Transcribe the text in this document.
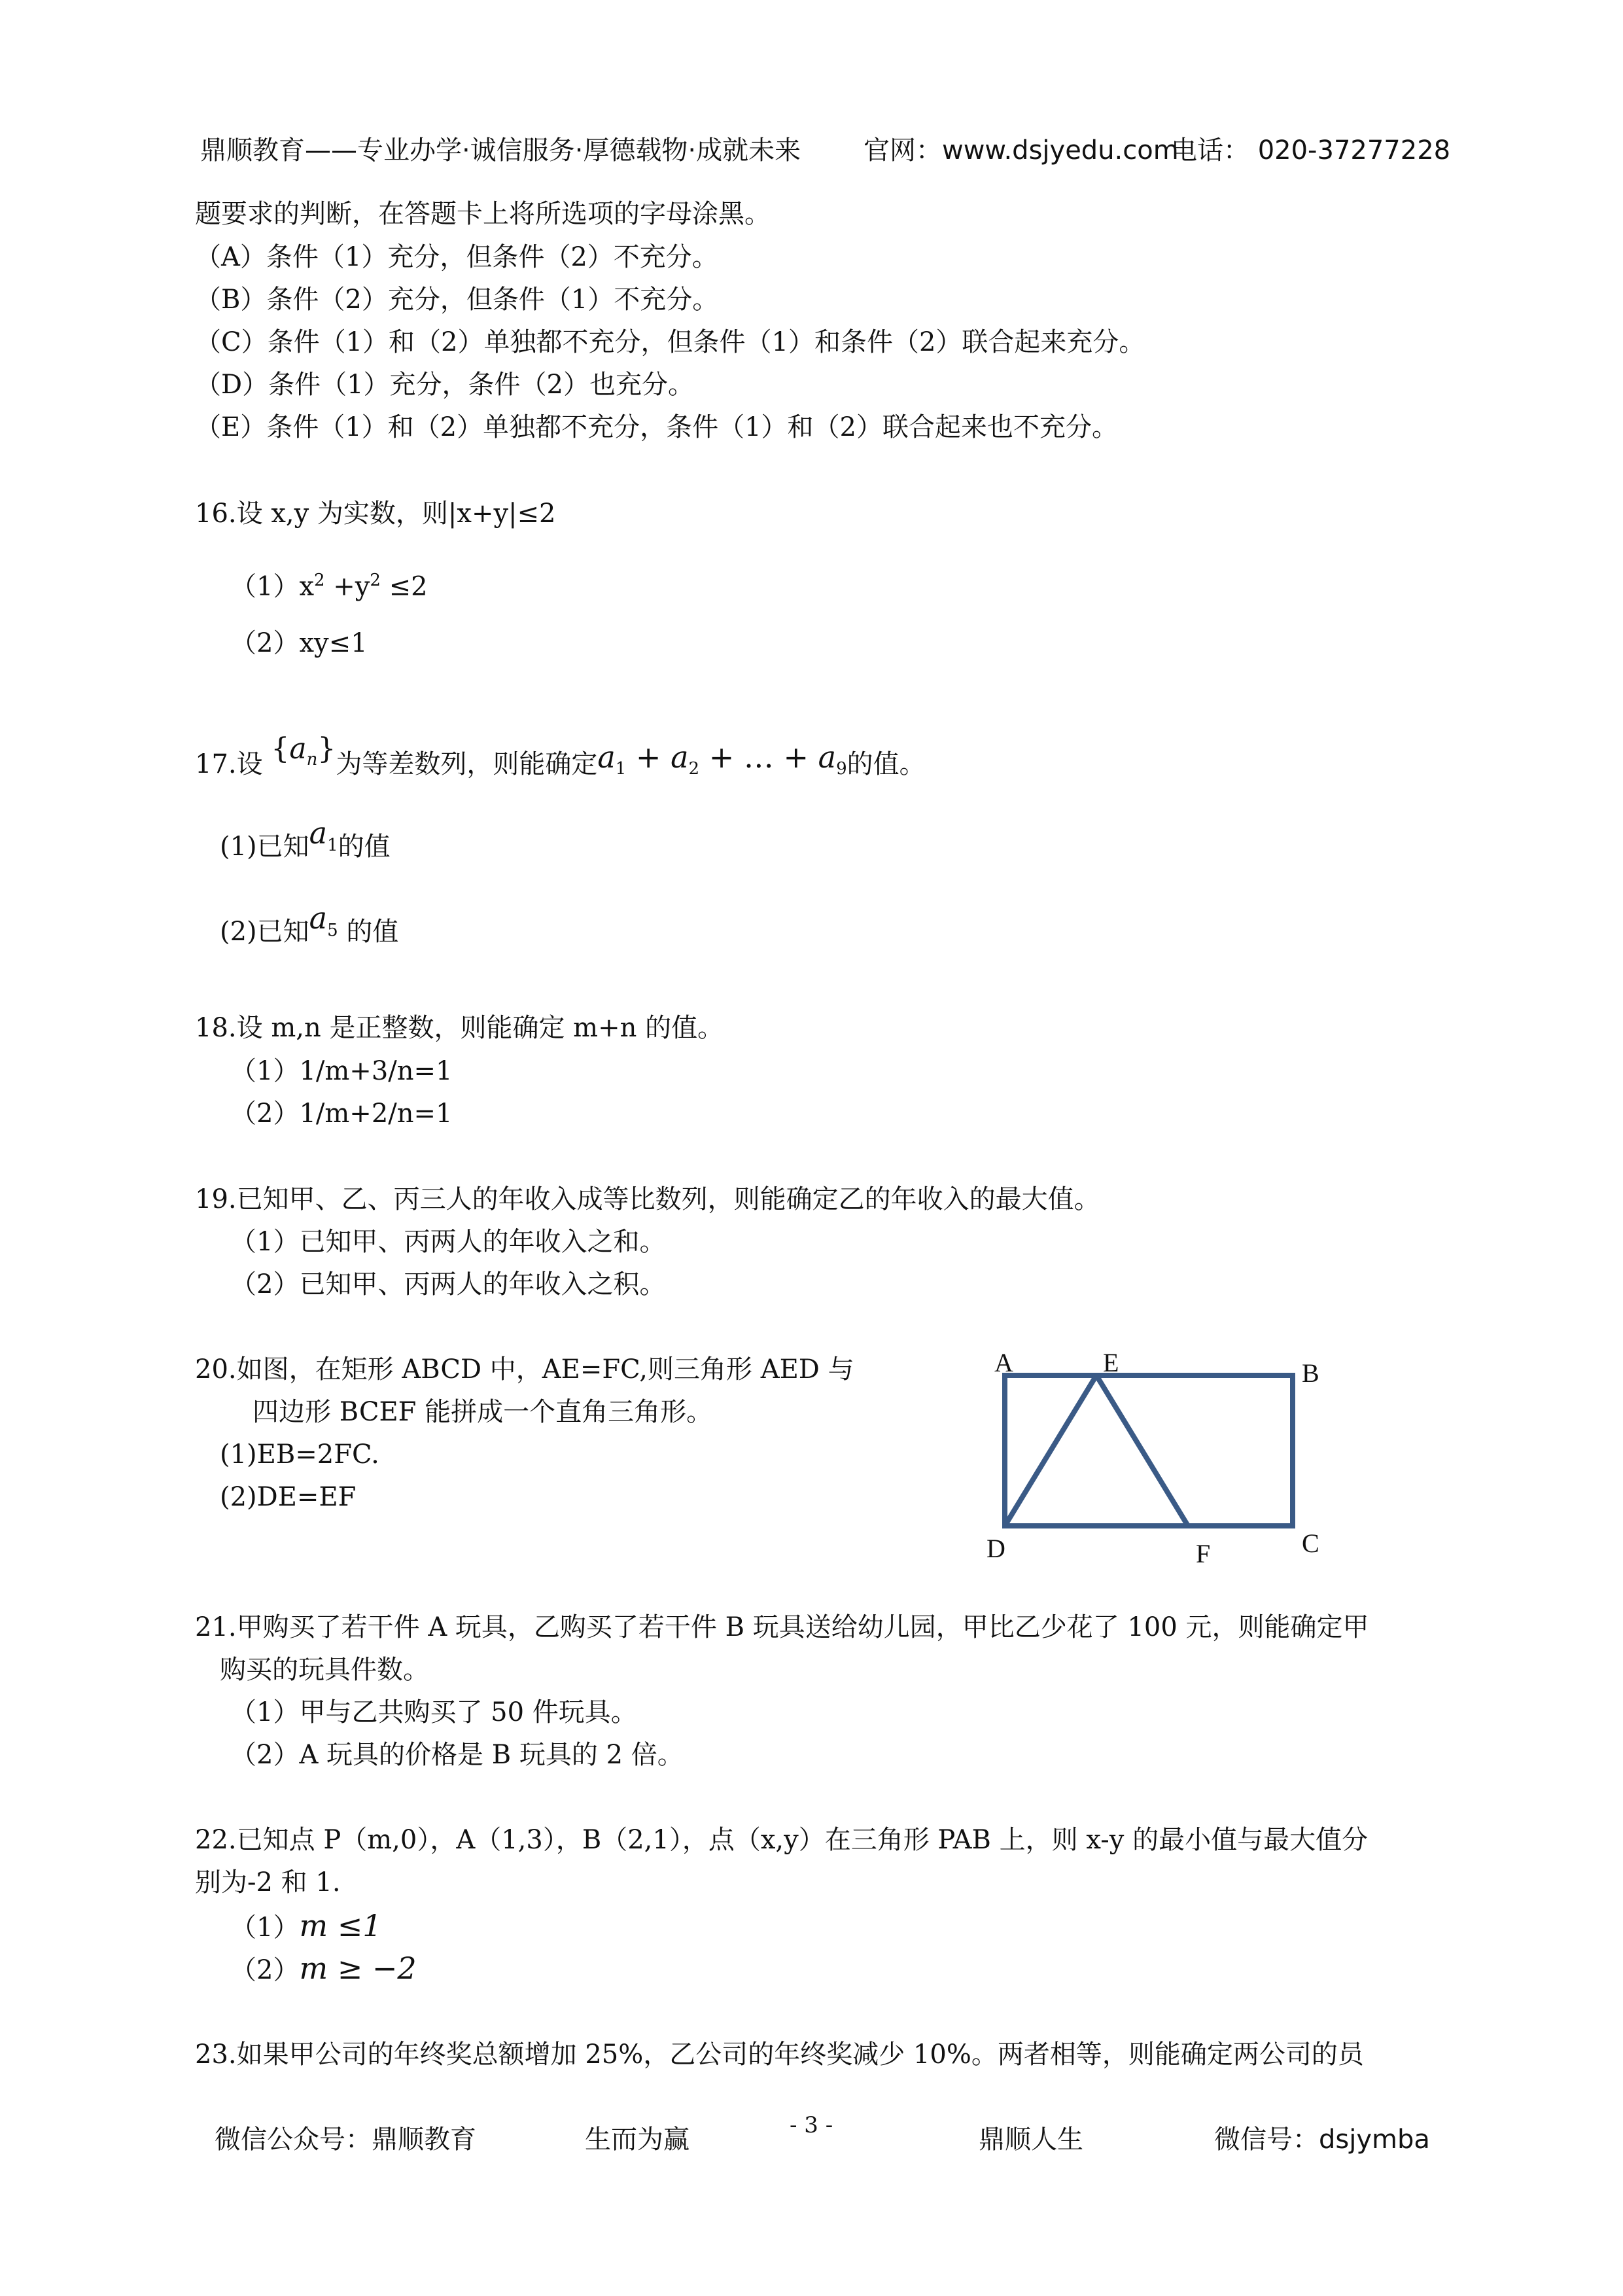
鼎顺教育——专业办学·诚信服务·厚德载物·成就未来 官网：www.dsjyedu.com
电话： 020-37277228
题要求的判断，在答题卡上将所选项的字母涂黑。
（A）条件（1）充分，但条件（2）不充分。
（B）条件（2）充分，但条件（1）不充分。
（C）条件（1）和（2）单独都不充分，但条件（1）和条件（2）联合起来充分。
（D）条件（1）充分，条件（2）也充分。
（E）条件（1）和（2）单独都不充分，条件（1）和（2）联合起来也不充分。
16.设 x,y 为实数，则|x+y|≤2
$(1)x^2 +y^2 \le 2$
（2）xy≤1
17.设 $\{a_n\}$为等差数列，则能确定$a_1 + a_2$ + … + $a_9$的值。
(1)已知$a_1$的值
(2)已知$a_5$ 的值
18.设 m,n 是正整数，则能确定 m+n 的值。
（1）1/m+3/n=1
（2）1/m+2/n=1
19.已知甲、乙、丙三人的年收入成等比数列，则能确定乙的年收入的最大值。
（1）已知甲、丙两人的年收入之和。
（2）已知甲、丙两人的年收入之积。
20.如图，在矩形 ABCD 中，AE=FC,则三角形 AED 与
四边形 BCEF 能拼成一个直角三角形。
(1)EB=2FC.
(2)DE=EF
A	E	B
D	F	C
21.甲购买了若干件 A 玩具，乙购买了若干件 B 玩具送给幼儿园，甲比乙少花了 100 元，则能确定甲
购买的玩具件数。
（1）甲与乙共购买了 50 件玩具。
（2）A 玩具的价格是 B 玩具的 2 倍。
22.已知点 P（m,0），A（1,3），B（2,1），点（x,y）在三角形 PAB 上，则 x-y 的最小值与最大值分
别为-2 和 1.
（1）m ≤1
（2）m ≥ −2
23.如果甲公司的年终奖总额增加 25%，乙公司的年终奖减少 10%。两者相等，则能确定两公司的员
微信公众号：鼎顺教育	生而为赢	- 3 -	鼎顺人生	微信号：dsjymba
